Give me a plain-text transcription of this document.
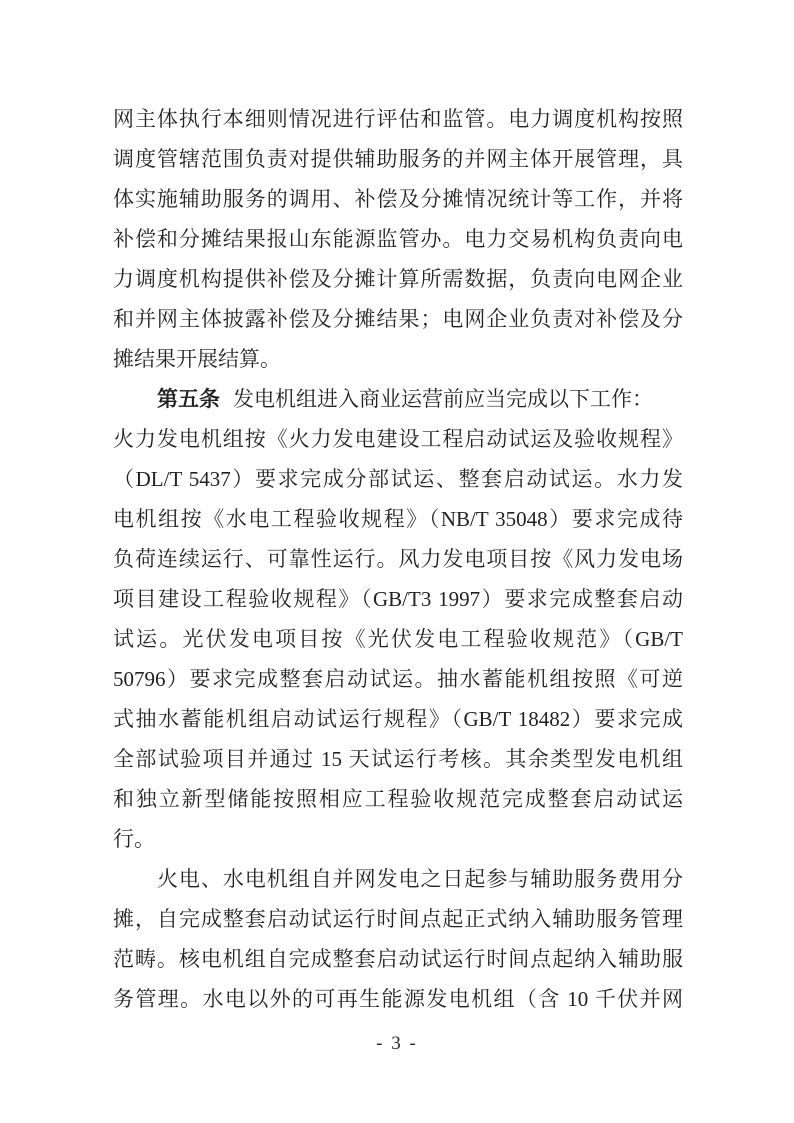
网主体执行本细则情况进行评估和监管。电力调度机构按照
调度管辖范围负责对提供辅助服务的并网主体开展管理，具
体实施辅助服务的调用、补偿及分摊情况统计等工作，并将
补偿和分摊结果报山东能源监管办。电力交易机构负责向电
力调度机构提供补偿及分摊计算所需数据，负责向电网企业
和并网主体披露补偿及分摊结果；电网企业负责对补偿及分
摊结果开展结算。
第五条 发电机组进入商业运营前应当完成以下工作：
火力发电机组按《火力发电建设工程启动试运及验收规程》
（DL/T 5437）要求完成分部试运、整套启动试运。水力发
电机组按《水电工程验收规程》（NB/T 35048）要求完成待
负荷连续运行、可靠性运行。风力发电项目按《风力发电场
项目建设工程验收规程》（GB/T3 1997）要求完成整套启动
试运。光伏发电项目按《光伏发电工程验收规范》（GB/T
50796）要求完成整套启动试运。抽水蓄能机组按照《可逆
式抽水蓄能机组启动试运行规程》（GB/T 18482）要求完成
全部试验项目并通过 15 天试运行考核。其余类型发电机组
和独立新型储能按照相应工程验收规范完成整套启动试运
行。
火电、水电机组自并网发电之日起参与辅助服务费用分
摊，自完成整套启动试运行时间点起正式纳入辅助服务管理
范畴。核电机组自完成整套启动试运行时间点起纳入辅助服
务管理。水电以外的可再生能源发电机组（含 10 千伏并网
- 3 -
